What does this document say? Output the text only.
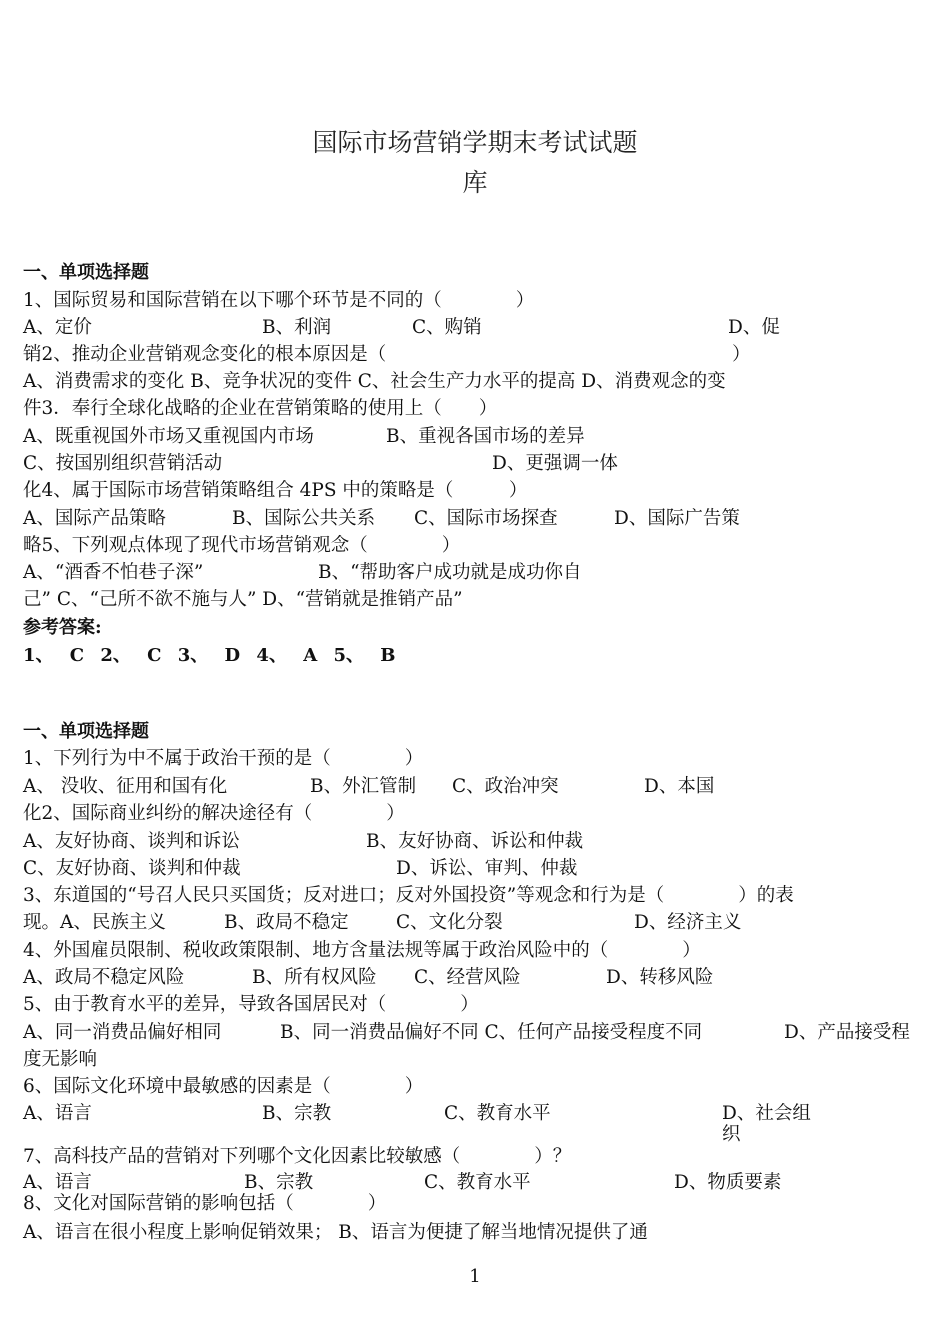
国际市场营销学期末考试试题
库
一、单项选择题
1、国际贸易和国际营销在以下哪个环节是不同的（　　　　）
A、定价	B、利润	C、购销	D、促
销2、推动企业营销观念变化的根本原因是（	）
A、消费需求的变化 B、竞争状况的变件 C、社会生产力水平的提高 D、消费观念的变
件3．奉行全球化战略的企业在营销策略的使用上（　　）
A、既重视国外市场又重视国内市场	B、重视各国市场的差异
C、按国别组织营销活动	D、更强调一体
化4、属于国际市场营销策略组合 4PS 中的策略是（　　　）
A、国际产品策略	B、国际公共关系 C、国际市场探查	D、国际广告策
略5、下列观点体现了现代市场营销观念（　　　　）
A、“酒香不怕巷子深”	B、“帮助客户成功就是成功你自
己” C、“己所不欲不施与人” D、“营销就是推销产品”
参考答案:
1、 C 2、 C 3、 D 4、 A 5、 B
一、单项选择题
1、下列行为中不属于政治干预的是（　　　　）
A、 没收、征用和国有化	B、外汇管制 C、政治冲突	D、本国
化2、国际商业纠纷的解决途径有（　　　　）
A、友好协商、谈判和诉讼	B、友好协商、诉讼和仲裁
C、友好协商、谈判和仲裁	D、诉讼、审判、仲裁
3、东道国的“号召人民只买国货；反对进口；反对外国投资”等观念和行为是（　　　　）的表
现。A、民族主义	B、政局不稳定	C、文化分裂	D、经济主义
4、外国雇员限制、税收政策限制、地方含量法规等属于政治风险中的（　　　　）
A、政局不稳定风险	B、所有权风险 C、经营风险	D、转移风险
5、由于教育水平的差异，导致各国居民对（　　　　）
A、同一消费品偏好相同	B、同一消费品偏好不同 C、任何产品接受程度不同	D、产品接受程
度无影响
6、国际文化环境中最敏感的因素是（　　　　）
A、语言	B、宗教	C、教育水平	D、社会组
织
7、高科技产品的营销对下列哪个文化因素比较敏感（　　　　）？
A、语言	B、宗教	C、教育水平	D、物质要素
8、文化对国际营销的影响包括（　　　　）
A、语言在很小程度上影响促销效果； B、语言为便捷了解当地情况提供了通
1
